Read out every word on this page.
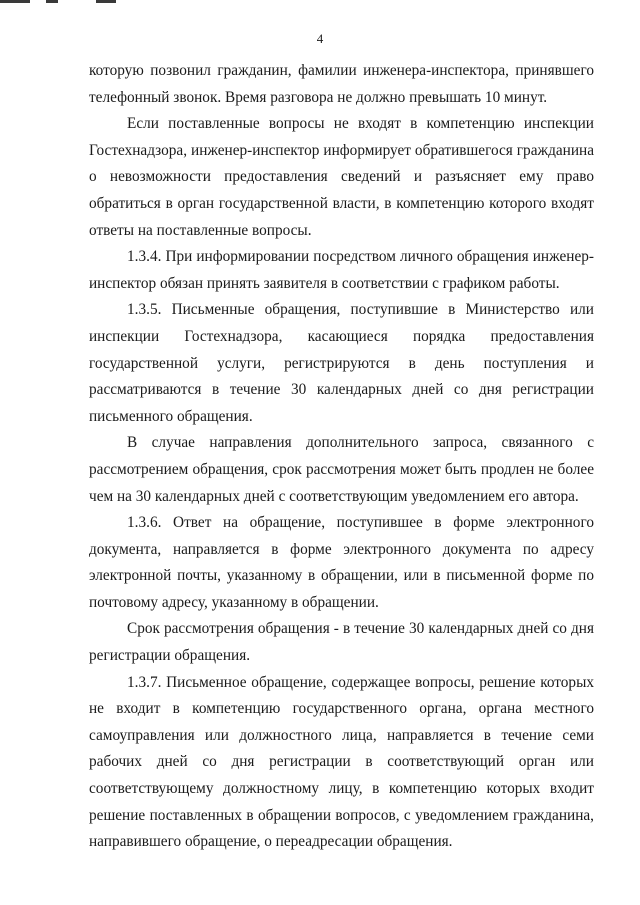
4

которую позвонил гражданин, фамилии инженера-инспектора, принявшего телефонный звонок. Время разговора не должно превышать 10 минут.

Если поставленные вопросы не входят в компетенцию инспекции Гостехнадзора, инженер-инспектор информирует обратившегося гражданина о невозможности предоставления сведений и разъясняет ему право обратиться в орган государственной власти, в компетенцию которого входят ответы на поставленные вопросы.

1.3.4. При информировании посредством личного обращения инженер-инспектор обязан принять заявителя в соответствии с графиком работы.

1.3.5. Письменные обращения, поступившие в Министерство или инспекции Гостехнадзора, касающиеся порядка предоставления государственной услуги, регистрируются в день поступления и рассматриваются в течение 30 календарных дней со дня регистрации письменного обращения.

В случае направления дополнительного запроса, связанного с рассмотрением обращения, срок рассмотрения может быть продлен не более чем на 30 календарных дней с соответствующим уведомлением его автора.

1.3.6. Ответ на обращение, поступившее в форме электронного документа, направляется в форме электронного документа по адресу электронной почты, указанному в обращении, или в письменной форме по почтовому адресу, указанному в обращении.

Срок рассмотрения обращения - в течение 30 календарных дней со дня регистрации обращения.

1.3.7. Письменное обращение, содержащее вопросы, решение которых не входит в компетенцию государственного органа, органа местного самоуправления или должностного лица, направляется в течение семи рабочих дней со дня регистрации в соответствующий орган или соответствующему должностному лицу, в компетенцию которых входит решение поставленных в обращении вопросов, с уведомлением гражданина, направившего обращение, о переадресации обращения.
